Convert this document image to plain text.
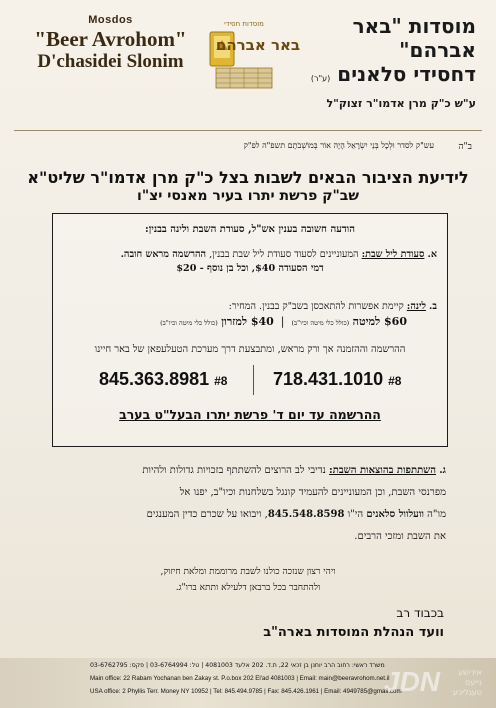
Mosdos
"Beer Avrohom"
D'chasidei Slonim
מוסדות חסידי
באר אברהם
מוסדות "באר אברהם"
דחסידי סלאנים (ע"ר)
ע"ש כ"ק מרן אדמו"ר זצוק"ל
ב"ה
עש"ק לסדר וּלְכָל בְּנֵי יִשְׂרָאֵל הָיָה אוֹר בְּמוֹשְׁבֹתָם תשפ"ה לפ"ק
לידיעת הציבור הבאים לשבות בצל כ"ק מרן אדמו"ר שליט"א
שב"ק פרשת יתרו בעיר מאנסי יצ"ו
הודעה חשובה בענין אש"ל, סעודת השבת ולינה בבנין:
א. סעודת ליל שבת: המעוניינים לסעוד סעודת ליל שבת בבנין, ההרשמה מראש חובה.
דמי הסעודה $40, וכל בן נוסף - $20
ב. לינה: קיימת אפשרות להתאכסן בשב"ק בבנין. המחיר:
$60 למיטה (כולל כלי מיטה וכיו"ב)  |  $40 למזרון (כולל כלי מיטה וכיו"ב)
ההרשמה וההזמנה אך ורק מראש, ומתבצעת דרך מערכת הטעלעפאן של באר חיינו
845.363.8981 #8	718.431.1010 #8
ההרשמה עד יום ד' פרשת יתרו הבעל"ט בערב
ג. השתתפות בהוצאות השבת: נדיבי לב הרוצים להשתתף בזכויות גדולות ולהיות
מפרנסי השבת, וכן המעוניינים להעמיד קונגל בשלחנות וכיו"ב, יפנו אל
מו"ה וועלוול סלאנים הי"ו 845.548.8598, ויבואו על שכרם כדין המענגים
את השבת ומזכי הרבים.
ויהי רצון שנזכה כולנו לשבת מרוממת ומלאת חיזוק,
ולהתחבר בכל ברבאן דלעילא ותתא ברו"ג.
בכבוד רב
וועד הנהלת המוסדות בארה"ב
משרד ראשי: רחוב הרב יוחנן בן זכאי 22, ת.ד. 202 אלעד 4081003 | טל: 03-6764994 | פקס: 03-6762795
Main office: 22 Rabam Yochanan ben Zakay st. P.o.box 202 El'ad 4081003 | Email: main@beeravrohom.net.il
USA office: 2 Phyllis Terr. Money NY 10952 | Tel: 845.494.9785 | Fax: 845.426.1961 | Email: 4949785@gmail.com
JDN	אידישע נייעס טעגליכע
